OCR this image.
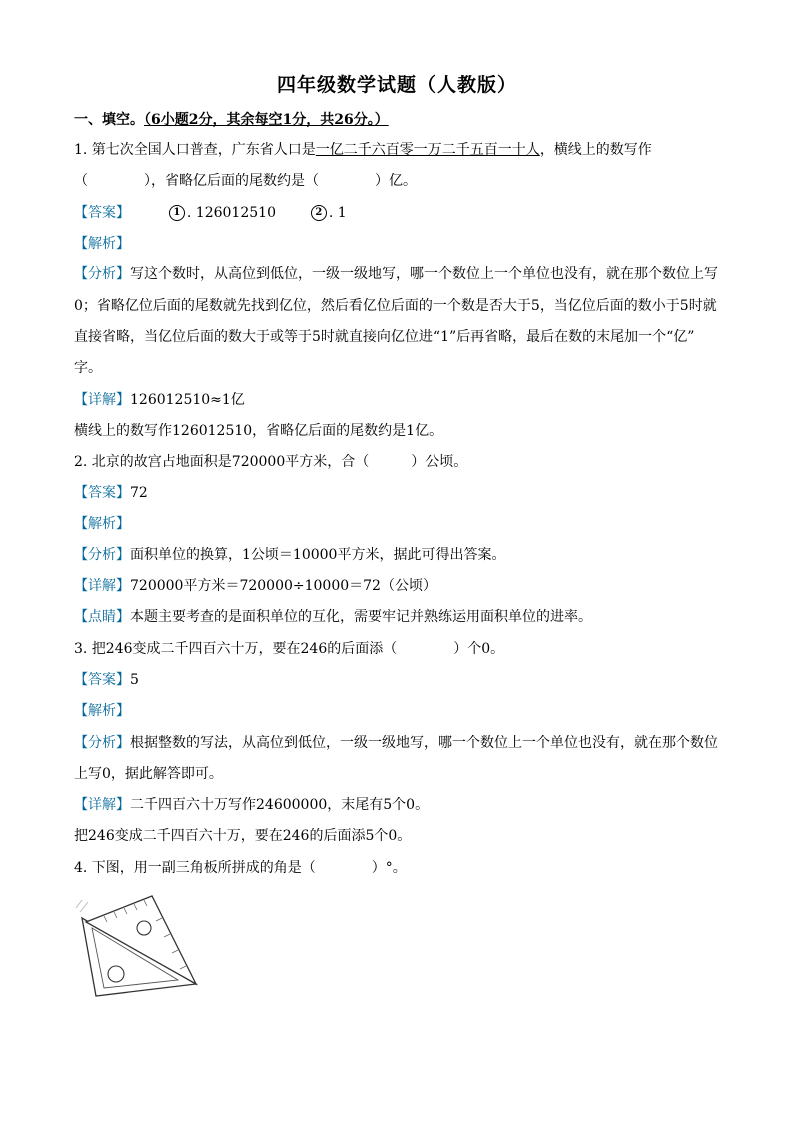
四年级数学试题（人教版）
一、填空。（6小题2分，其余每空1分，共26分。）
1. 第七次全国人口普查，广东省人口是一亿二千六百零一万二千五百一十人，横线上的数写作
（　　　　），省略亿后面的尾数约是（　　　　）亿。
【答案】	1 . 126012510	2 . 1
【解析】
【分析】写这个数时，从高位到低位，一级一级地写，哪一个数位上一个单位也没有，就在那个数位上写
0；省略亿位后面的尾数就先找到亿位，然后看亿位后面的一个数是否大于5，当亿位后面的数小于5时就
直接省略，当亿位后面的数大于或等于5时就直接向亿位进“1”后再省略，最后在数的末尾加一个“亿”
字。
【详解】126012510≈1亿
横线上的数写作126012510，省略亿后面的尾数约是1亿。
2. 北京的故宫占地面积是720000平方米，合（　　　）公顷。
【答案】72
【解析】
【分析】面积单位的换算，1公顷＝10000平方米，据此可得出答案。
【详解】720000平方米＝720000÷10000＝72（公顷）
【点睛】本题主要考查的是面积单位的互化，需要牢记并熟练运用面积单位的进率。
3. 把246变成二千四百六十万，要在246的后面添（　　　　）个0。
【答案】5
【解析】
【分析】根据整数的写法，从高位到低位，一级一级地写，哪一个数位上一个单位也没有，就在那个数位
上写0，据此解答即可。
【详解】二千四百六十万写作24600000，末尾有5个0。
把246变成二千四百六十万，要在246的后面添5个0。
4. 下图，用一副三角板所拼成的角是（　　　　）°。
